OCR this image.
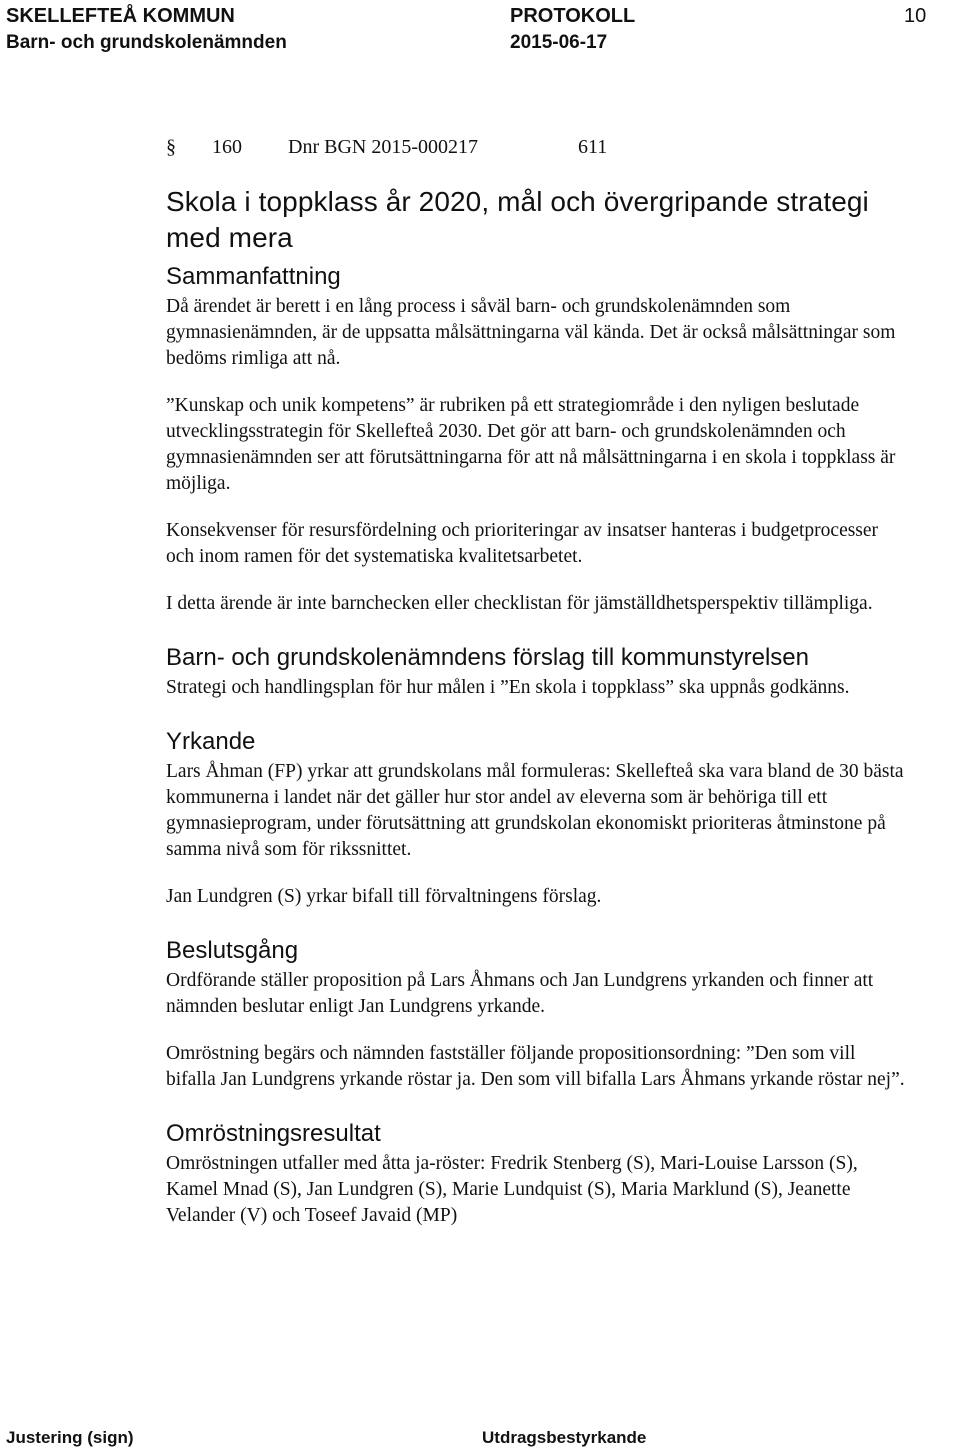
SKELLEFTEÅ KOMMUN	PROTOKOLL	10
Barn- och grundskolenämnden	2015-06-17
§ 160 Dnr BGN 2015-000217	611
Skola i toppklass år 2020, mål och övergripande strategi med mera
Sammanfattning

Då ärendet är berett i en lång process i såväl barn- och grundskolenämnden som gymnasienämnden, är de uppsatta målsättningarna väl kända. Det är också målsättningar som bedöms rimliga att nå.

”Kunskap och unik kompetens” är rubriken på ett strategiområde i den nyligen beslutade utvecklingsstrategin för Skellefteå 2030. Det gör att barn- och grundskolenämnden och gymnasienämnden ser att förutsättningarna för att nå målsättningarna i en skola i toppklass är möjliga.

Konsekvenser för resursfördelning och prioriteringar av insatser hanteras i budgetprocesser och inom ramen för det systematiska kvalitetsarbetet.

I detta ärende är inte barnchecken eller checklistan för jämställdhetsperspektiv tillämpliga.

Barn- och grundskolenämndens förslag till kommunstyrelsen

Strategi och handlingsplan för hur målen i ”En skola i toppklass” ska uppnås godkänns.

Yrkande

Lars Åhman (FP) yrkar att grundskolans mål formuleras: Skellefteå ska vara bland de 30 bästa kommunerna i landet när det gäller hur stor andel av eleverna som är behöriga till ett gymnasieprogram, under förutsättning att grundskolan ekonomiskt prioriteras åtminstone på samma nivå som för rikssnittet.

Jan Lundgren (S) yrkar bifall till förvaltningens förslag.

Beslutsgång

Ordförande ställer proposition på Lars Åhmans och Jan Lundgrens yrkanden och finner att nämnden beslutar enligt Jan Lundgrens yrkande.

Omröstning begärs och nämnden fastställer följande propositionsordning: ”Den som vill bifalla Jan Lundgrens yrkande röstar ja. Den som vill bifalla Lars Åhmans yrkande röstar nej”.

Omröstningsresultat

Omröstningen utfaller med åtta ja-röster: Fredrik Stenberg (S), Mari-Louise Larsson (S), Kamel Mnad (S), Jan Lundgren (S), Marie Lundquist (S), Maria Marklund (S), Jeanette Velander (V) och Toseef Javaid (MP)

Justering (sign)	Utdragsbestyrkande
